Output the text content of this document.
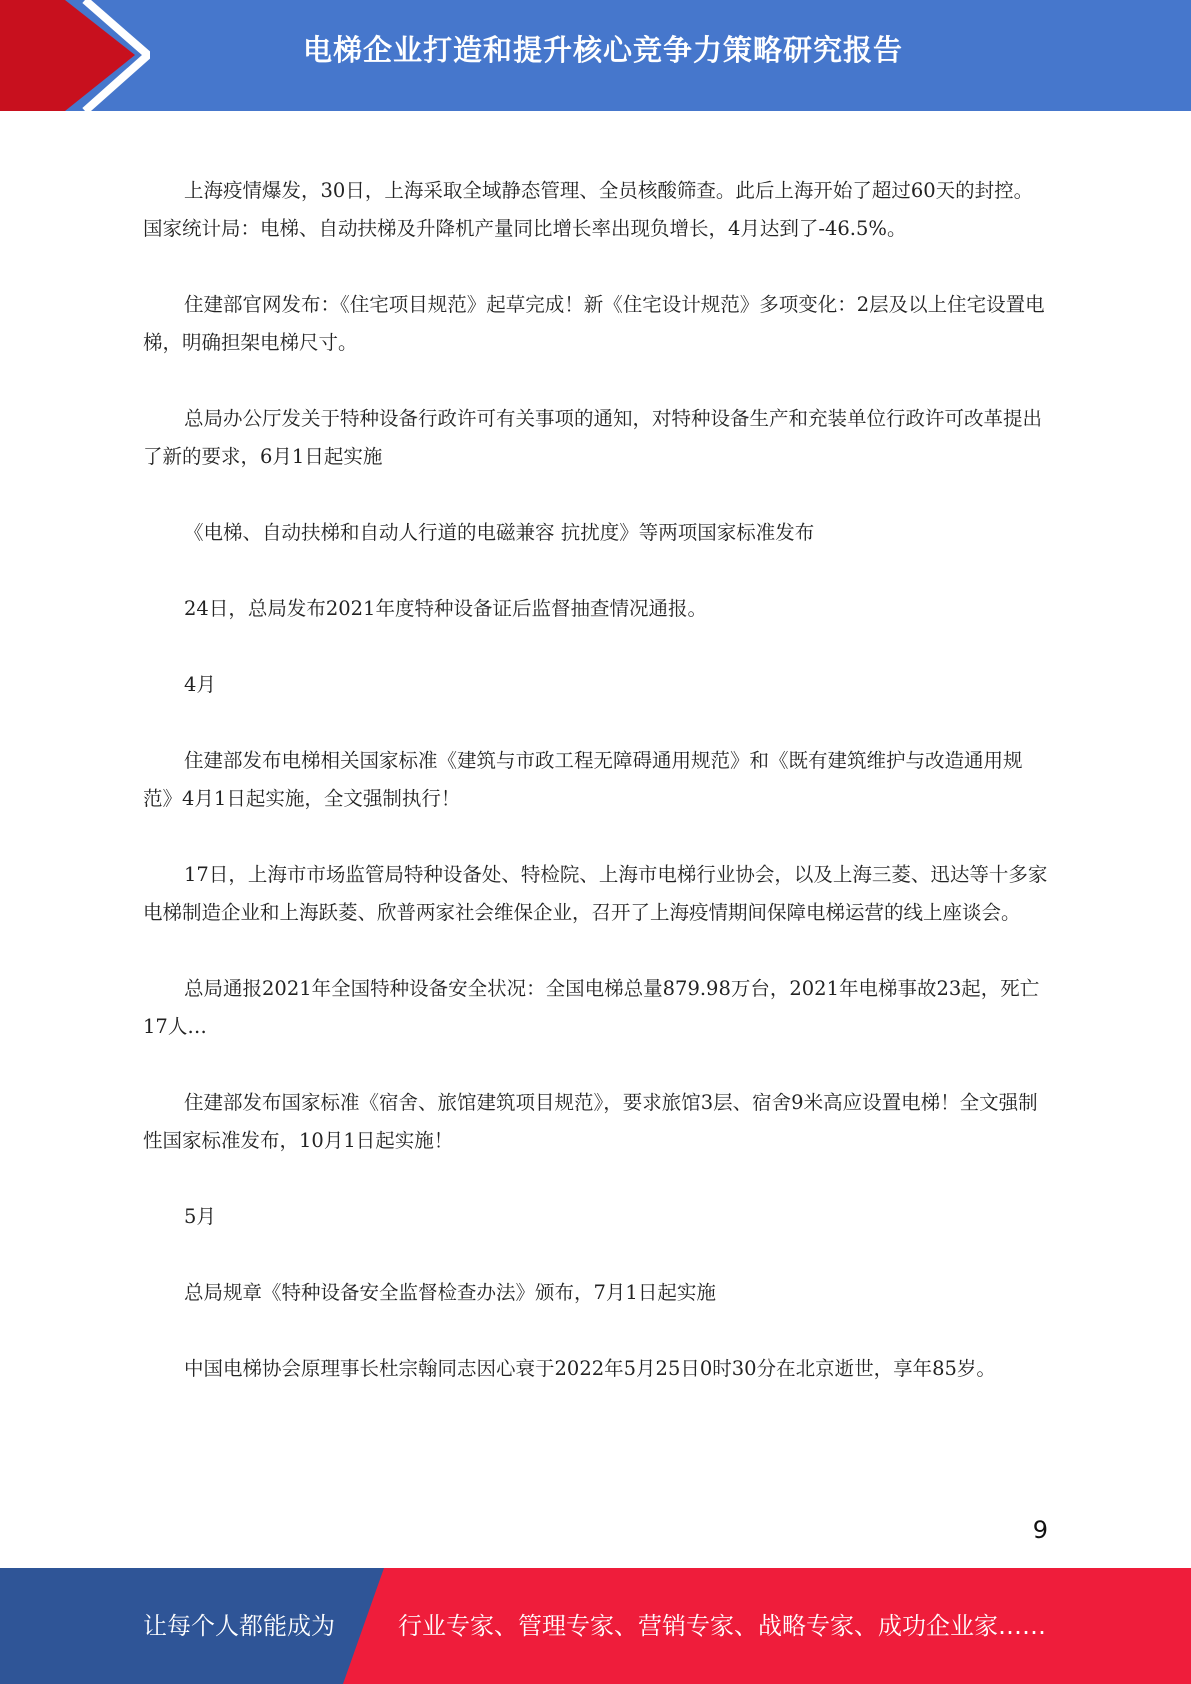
电梯企业打造和提升核心竞争力策略研究报告

上海疫情爆发，30日，上海采取全域静态管理、全员核酸筛查。此后上海开始了超过60天的封控。国家统计局：电梯、自动扶梯及升降机产量同比增长率出现负增长，4月达到了-46.5%。

住建部官网发布：《住宅项目规范》起草完成！新《住宅设计规范》多项变化：2层及以上住宅设置电梯，明确担架电梯尺寸。

总局办公厅发关于特种设备行政许可有关事项的通知，对特种设备生产和充装单位行政许可改革提出了新的要求，6月1日起实施

《电梯、自动扶梯和自动人行道的电磁兼容 抗扰度》等两项国家标准发布

24日，总局发布2021年度特种设备证后监督抽查情况通报。

4月

住建部发布电梯相关国家标准《建筑与市政工程无障碍通用规范》和《既有建筑维护与改造通用规范》4月1日起实施，全文强制执行！

17日，上海市市场监管局特种设备处、特检院、上海市电梯行业协会，以及上海三菱、迅达等十多家电梯制造企业和上海跃菱、欣普两家社会维保企业，召开了上海疫情期间保障电梯运营的线上座谈会。

总局通报2021年全国特种设备安全状况：全国电梯总量879.98万台，2021年电梯事故23起，死亡17人…

住建部发布国家标准《宿舍、旅馆建筑项目规范》，要求旅馆3层、宿舍9米高应设置电梯！全文强制性国家标准发布，10月1日起实施！

5月

总局规章《特种设备安全监督检查办法》颁布，7月1日起实施

中国电梯协会原理事长杜宗翰同志因心衰于2022年5月25日0时30分在北京逝世，享年85岁。

9
让每个人都能成为	行业专家、管理专家、营销专家、战略专家、成功企业家……
